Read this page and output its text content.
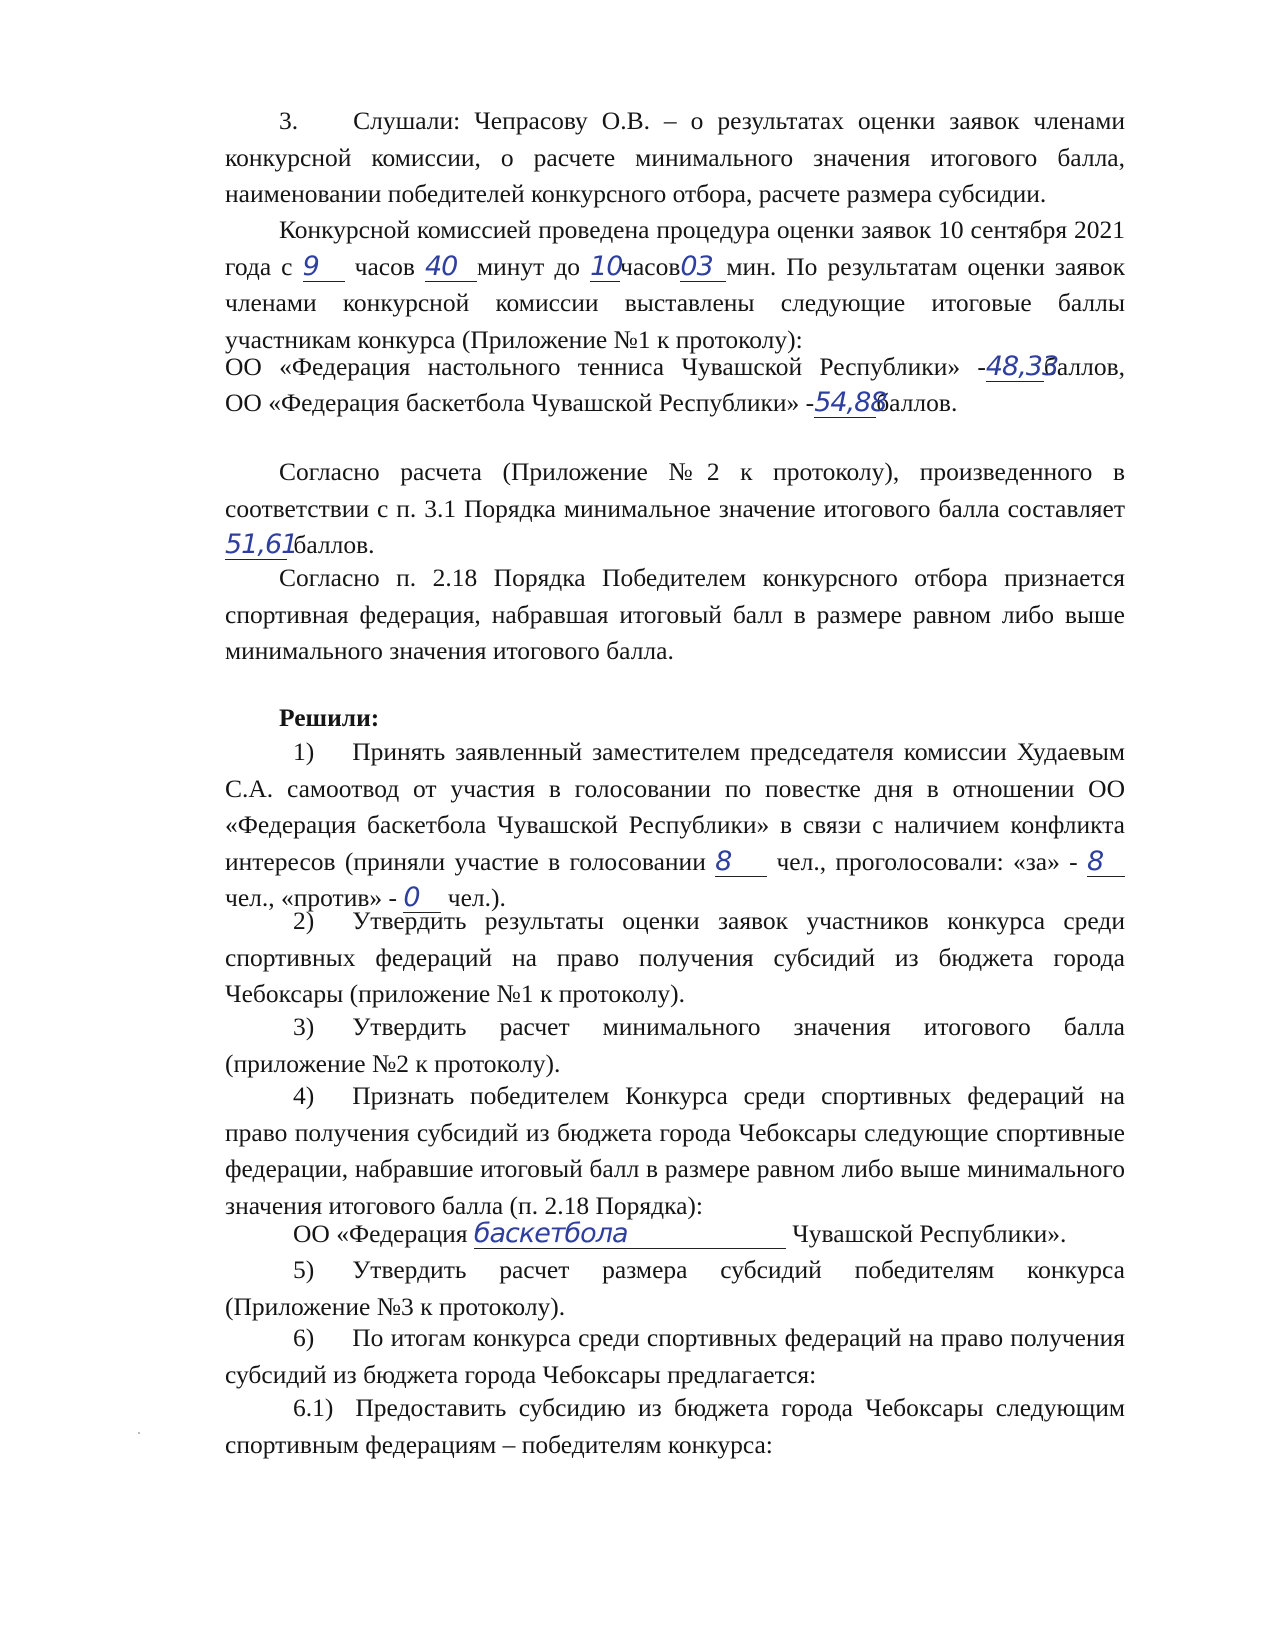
3. Слушали: Чепрасову О.В. – о результатах оценки заявок членами конкурсной комиссии, о расчете минимального значения итогового балла, наименовании победителей конкурсного отбора, расчете размера субсидии.

Конкурсной комиссией проведена процедура оценки заявок 10 сентября 2021 года с 9 часов 40 минут до 10часов03 мин. По результатам оценки заявок членами конкурсной комиссии выставлены следующие итоговые баллы участникам конкурса (Приложение №1 к протоколу):

ОО «Федерация настольного тенниса Чувашской Республики» -48,33баллов,

ОО «Федерация баскетбола Чувашской Республики» -54,88баллов.

Согласно расчета (Приложение №2 к протоколу), произведенного в соответствии с п. 3.1 Порядка минимальное значение итогового балла составляет51,61 баллов.

Согласно п. 2.18 Порядка Победителем конкурсного отбора признается спортивная федерация, набравшая итоговый балл в размере равном либо выше минимального значения итогового балла.

Решили:

1) Принять заявленный заместителем председателя комиссии Худаевым С.А. самоотвод от участия в голосовании по повестке дня в отношении ОО «Федерация баскетбола Чувашской Республики» в связи с наличием конфликта интересов (приняли участие в голосовании 8 чел., проголосовали: «за» - 8 чел., «против» - 0 чел.).

2) Утвердить результаты оценки заявок участников конкурса среди спортивных федераций на право получения субсидий из бюджета города Чебоксары (приложение №1 к протоколу).

3) Утвердить расчет минимального значения итогового балла (приложение №2 к протоколу).

4) Признать победителем Конкурса среди спортивных федераций на право получения субсидий из бюджета города Чебоксары следующие спортивные федерации, набравшие итоговый балл в размере равном либо выше минимального значения итогового балла (п. 2.18 Порядка):

ОО «Федерация баскетбола	Чувашской Республики».

5) Утвердить расчет размера субсидий победителям конкурса (Приложение №3 к протоколу).

6) По итогам конкурса среди спортивных федераций на право получения субсидий из бюджета города Чебоксары предлагается:

6.1) Предоставить субсидию из бюджета города Чебоксары следующим спортивным федерациям – победителям конкурса:
